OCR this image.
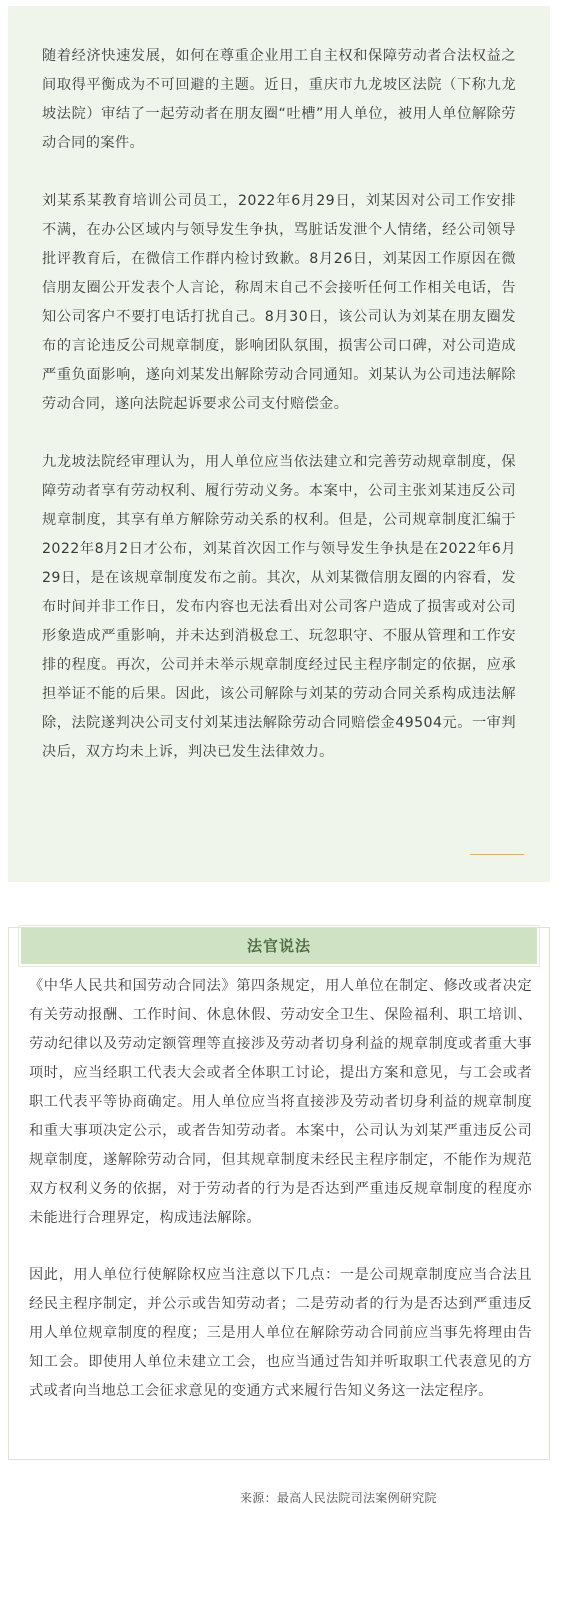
随着经济快速发展，如何在尊重企业用工自主权和保障劳动者合法权益之间取得平衡成为不可回避的主题。近日，重庆市九龙坡区法院（下称九龙坡法院）审结了一起劳动者在朋友圈“吐槽”用人单位，被用人单位解除劳动合同的案件。

刘某系某教育培训公司员工，2022年6月29日，刘某因对公司工作安排不满，在办公区域内与领导发生争执，骂脏话发泄个人情绪，经公司领导批评教育后，在微信工作群内检讨致歉。8月26日，刘某因工作原因在微信朋友圈公开发表个人言论，称周末自己不会接听任何工作相关电话，告知公司客户不要打电话打扰自己。8月30日，该公司认为刘某在朋友圈发布的言论违反公司规章制度，影响团队氛围，损害公司口碑，对公司造成严重负面影响，遂向刘某发出解除劳动合同通知。刘某认为公司违法解除劳动合同，遂向法院起诉要求公司支付赔偿金。

九龙坡法院经审理认为，用人单位应当依法建立和完善劳动规章制度，保障劳动者享有劳动权利、履行劳动义务。本案中，公司主张刘某违反公司规章制度，其享有单方解除劳动关系的权利。但是，公司规章制度汇编于2022年8月2日才公布，刘某首次因工作与领导发生争执是在2022年6月29日，是在该规章制度发布之前。其次，从刘某微信朋友圈的内容看，发布时间并非工作日，发布内容也无法看出对公司客户造成了损害或对公司形象造成严重影响，并未达到消极怠工、玩忽职守、不服从管理和工作安排的程度。再次，公司并未举示规章制度经过民主程序制定的依据，应承担举证不能的后果。因此，该公司解除与刘某的劳动合同关系构成违法解除，法院遂判决公司支付刘某违法解除劳动合同赔偿金49504元。一审判决后，双方均未上诉，判决已发生法律效力。

法官说法

《中华人民共和国劳动合同法》第四条规定，用人单位在制定、修改或者决定有关劳动报酬、工作时间、休息休假、劳动安全卫生、保险福利、职工培训、劳动纪律以及劳动定额管理等直接涉及劳动者切身利益的规章制度或者重大事项时，应当经职工代表大会或者全体职工讨论，提出方案和意见，与工会或者职工代表平等协商确定。用人单位应当将直接涉及劳动者切身利益的规章制度和重大事项决定公示，或者告知劳动者。本案中，公司认为刘某严重违反公司规章制度，遂解除劳动合同，但其规章制度未经民主程序制定，不能作为规范双方权利义务的依据，对于劳动者的行为是否达到严重违反规章制度的程度亦未能进行合理界定，构成违法解除。

因此，用人单位行使解除权应当注意以下几点：一是公司规章制度应当合法且经民主程序制定，并公示或告知劳动者；二是劳动者的行为是否达到严重违反用人单位规章制度的程度；三是用人单位在解除劳动合同前应当事先将理由告知工会。即使用人单位未建立工会，也应当通过告知并听取职工代表意见的方式或者向当地总工会征求意见的变通方式来履行告知义务这一法定程序。

来源：最高人民法院司法案例研究院
